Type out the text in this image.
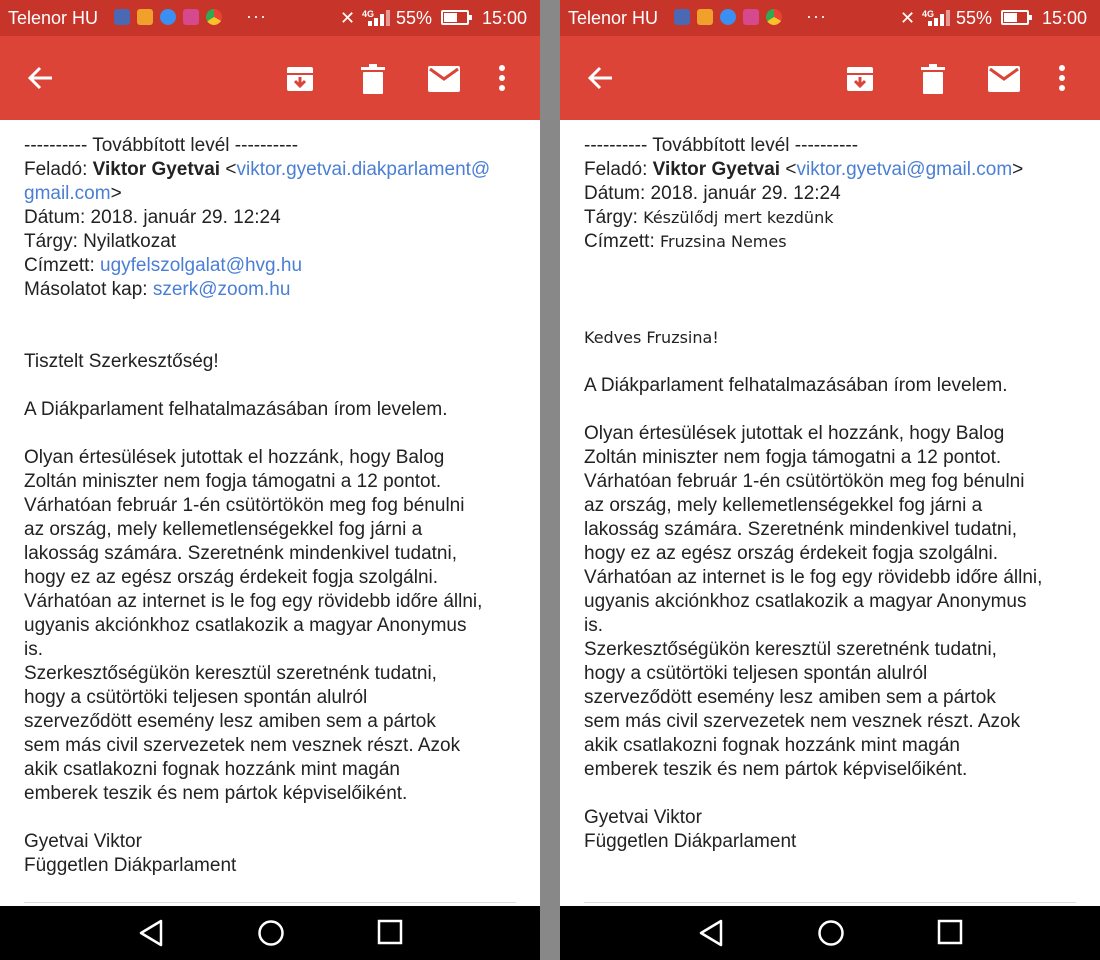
Telenor HU	···	✕ 4G 55%	15:00
---------- Továbbított levél ----------
Feladó: Viktor Gyetvai <viktor.gyetvai.diakparlament@
gmail.com>
Dátum: 2018. január 29. 12:24
Tárgy: Nyilatkozat
Címzett: ugyfelszolgalat@hvg.hu
Másolatot kap: szerk@zoom.hu
Tisztelt Szerkesztőség!
A Diákparlament felhatalmazásában írom levelem.
Olyan értesülések jutottak el hozzánk, hogy Balog
Zoltán miniszter nem fogja támogatni a 12 pontot.
Várhatóan február 1-én csütörtökön meg fog bénulni
az ország, mely kellemetlenségekkel fog járni a
lakosság számára. Szeretnénk mindenkivel tudatni,
hogy ez az egész ország érdekeit fogja szolgálni.
Várhatóan az internet is le fog egy rövidebb időre állni,
ugyanis akciónkhoz csatlakozik a magyar Anonymus
is.
Szerkesztőségükön keresztül szeretnénk tudatni,
hogy a csütörtöki teljesen spontán alulról
szerveződött esemény lesz amiben sem a pártok
sem más civil szervezetek nem vesznek részt. Azok
akik csatlakozni fognak hozzánk mint magán
emberek teszik és nem pártok képviselőiként.
Gyetvai Viktor
Független Diákparlament
Telenor HU	···	✕ 4G 55%	15:00
---------- Továbbított levél ----------
Feladó: Viktor Gyetvai <viktor.gyetvai@gmail.com>
Dátum: 2018. január 29. 12:24
Tárgy: Készülődj mert kezdünk
Címzett: Fruzsina Nemes
Kedves Fruzsina!
A Diákparlament felhatalmazásában írom levelem.
Olyan értesülések jutottak el hozzánk, hogy Balog
Zoltán miniszter nem fogja támogatni a 12 pontot.
Várhatóan február 1-én csütörtökön meg fog bénulni
az ország, mely kellemetlenségekkel fog járni a
lakosság számára. Szeretnénk mindenkivel tudatni,
hogy ez az egész ország érdekeit fogja szolgálni.
Várhatóan az internet is le fog egy rövidebb időre állni,
ugyanis akciónkhoz csatlakozik a magyar Anonymus
is.
Szerkesztőségükön keresztül szeretnénk tudatni,
hogy a csütörtöki teljesen spontán alulról
szerveződött esemény lesz amiben sem a pártok
sem más civil szervezetek nem vesznek részt. Azok
akik csatlakozni fognak hozzánk mint magán
emberek teszik és nem pártok képviselőiként.
Gyetvai Viktor
Független Diákparlament
